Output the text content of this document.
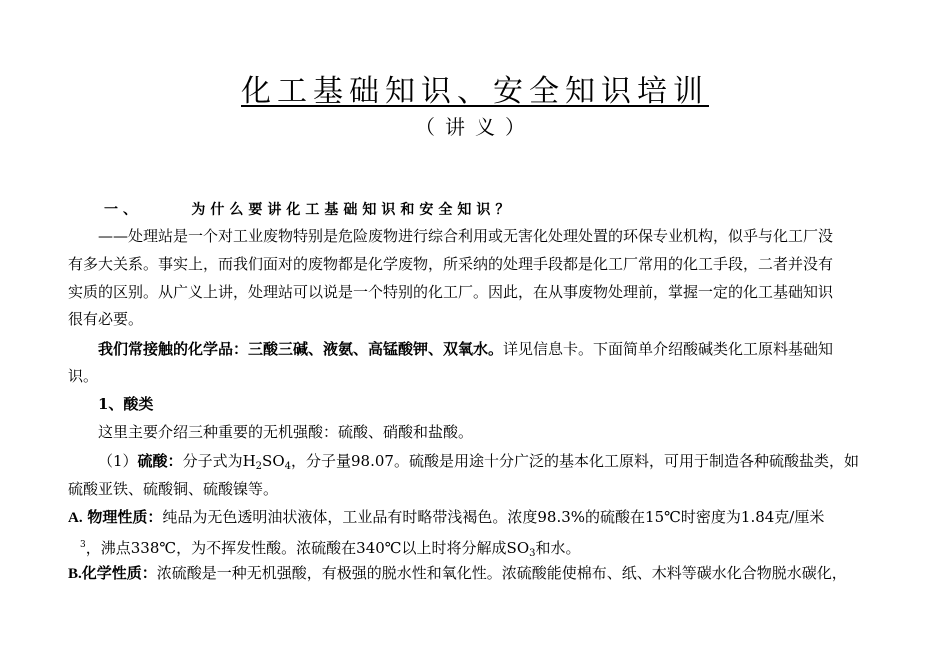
化工基础知识、安全知识培训
（讲义）
一、	为什么要讲化工基础知识和安全知识？
——处理站是一个对工业废物特别是危险废物进行综合利用或无害化处理处置的环保专业机构，似乎与化工厂没
有多大关系。事实上，而我们面对的废物都是化学废物，所采纳的处理手段都是化工厂常用的化工手段，二者并没有
实质的区别。从广义上讲，处理站可以说是一个特别的化工厂。因此，在从事废物处理前，掌握一定的化工基础知识
很有必要。
我们常接触的化学品：三酸三碱、液氨、高锰酸钾、双氧水。详见信息卡。下面简单介绍酸碱类化工原料基础知
识。
1、酸类
这里主要介绍三种重要的无机强酸：硫酸、硝酸和盐酸。
（1）硫酸：分子式为$H_2SO_4$，分子量98.07。硫酸是用途十分广泛的基本化工原料，可用于制造各种硫酸盐类，如
硫酸亚铁、硫酸铜、硫酸镍等。
A. 物理性质：纯品为无色透明油状液体，工业品有时略带浅褐色。浓度98.3%的硫酸在15℃时密度为1.84克/厘米
$^3$，沸点338℃，为不挥发性酸。浓硫酸在340℃以上时将分解成$SO_3$和水。
B.化学性质：浓硫酸是一种无机强酸，有极强的脱水性和氧化性。浓硫酸能使棉布、纸、木料等碳水化合物脱水碳化，
